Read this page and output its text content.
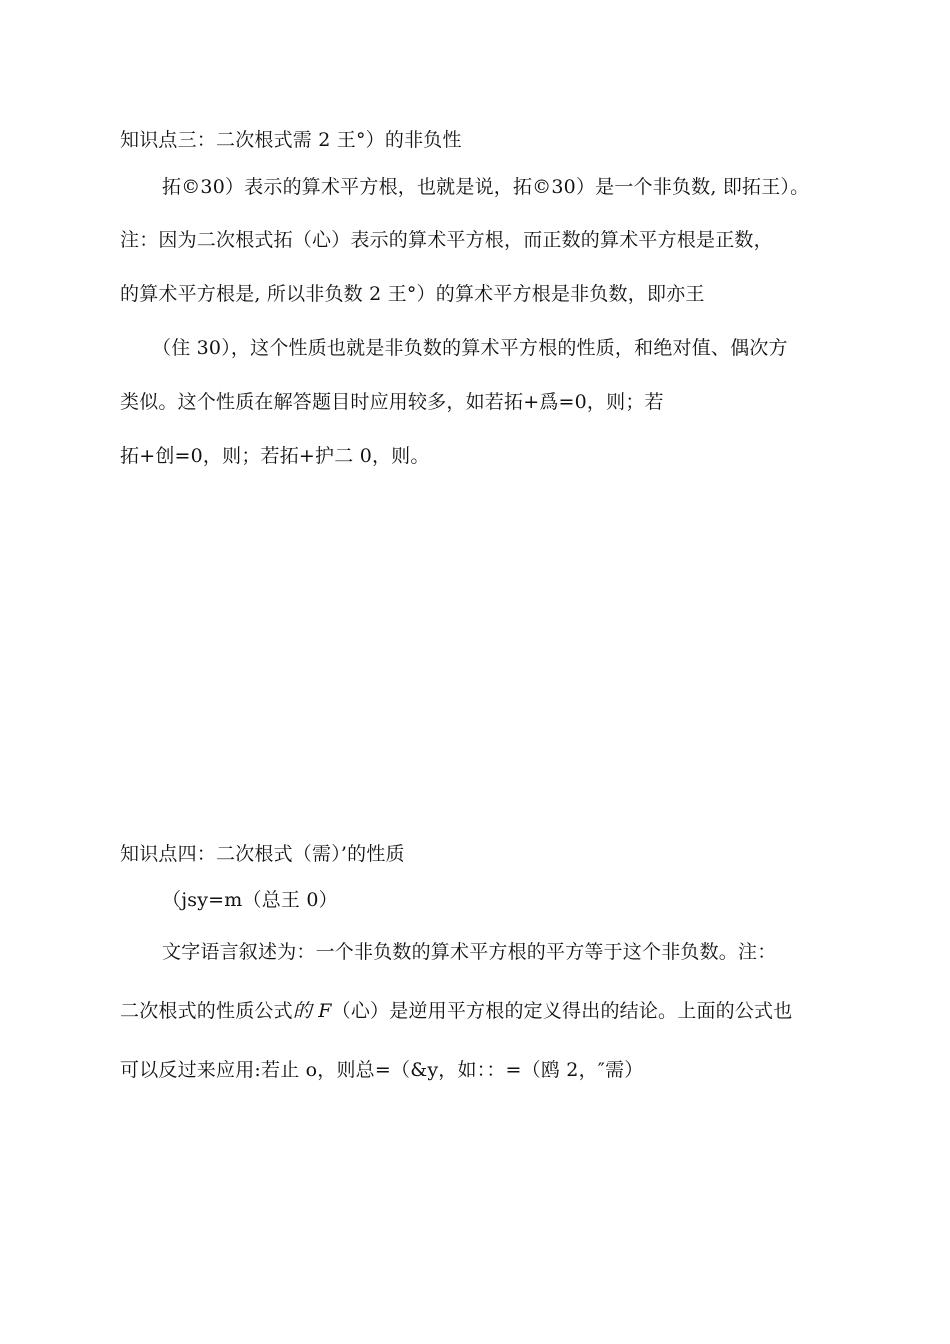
知识点三：二次根式需 2 王°）的非负性
拓©30）表示的算术平方根，也就是说，拓©30）是一个非负数, 即拓王）。
注：因为二次根式拓（心）表示的算术平方根，而正数的算术平方根是正数，
的算术平方根是, 所以非负数 2 王°）的算术平方根是非负数，即亦王
（住 30），这个性质也就是非负数的算术平方根的性质，和绝对值、偶次方
类似。这个性质在解答题目时应用较多，如若拓+爲=0，则；若
拓+创=0，则；若拓+护二 0，则。
知识点四：二次根式（需）’的性质
（jsy=m（总王 0）
文字语言叙述为：一个非负数的算术平方根的平方等于这个非负数。注：
二次根式的性质公式的 F（心）是逆用平方根的定义得出的结论。上面的公式也
可以反过来应用:若止 o，则总=（&y，如：：=（鸥 2，″需）
